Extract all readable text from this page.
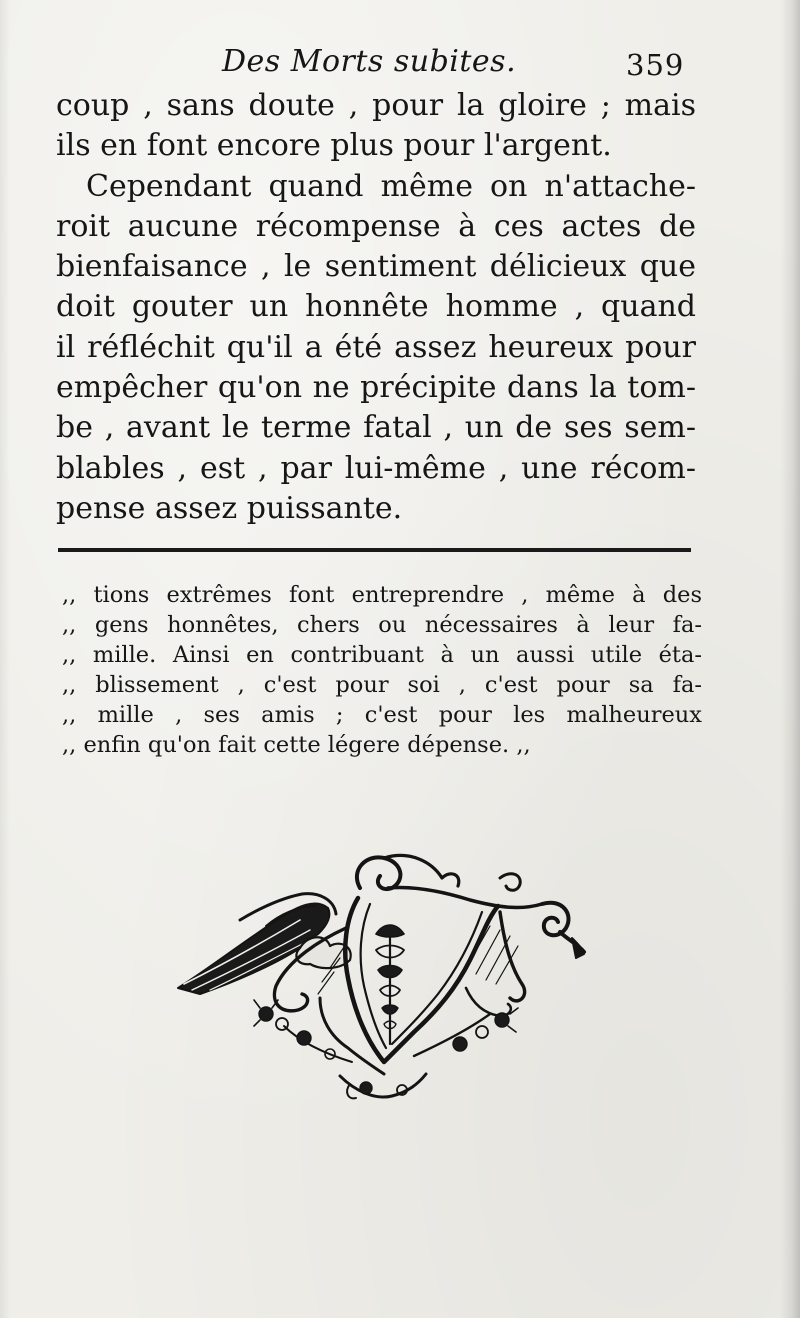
Des Morts subites.	359
coup , sans doute , pour la gloire ; mais
ils en font encore plus pour l'argent.
Cependant quand même on n'attache-
roit aucune récompense à ces actes de
bienfaisance , le sentiment délicieux que
doit gouter un honnête homme , quand
il réfléchit qu'il a été assez heureux pour
empêcher qu'on ne précipite dans la tom-
be , avant le terme fatal , un de ses sem-
blables , est , par lui-même , une récom-
pense assez puissante.
,, tions extrêmes font entreprendre , même à des
,, gens honnêtes, chers ou nécessaires à leur fa-
,, mille. Ainsi en contribuant à un aussi utile éta-
,, blissement , c'est pour soi , c'est pour sa fa-
,, mille , ses amis ; c'est pour les malheureux
,, enfin qu'on fait cette légere dépense. ,,
